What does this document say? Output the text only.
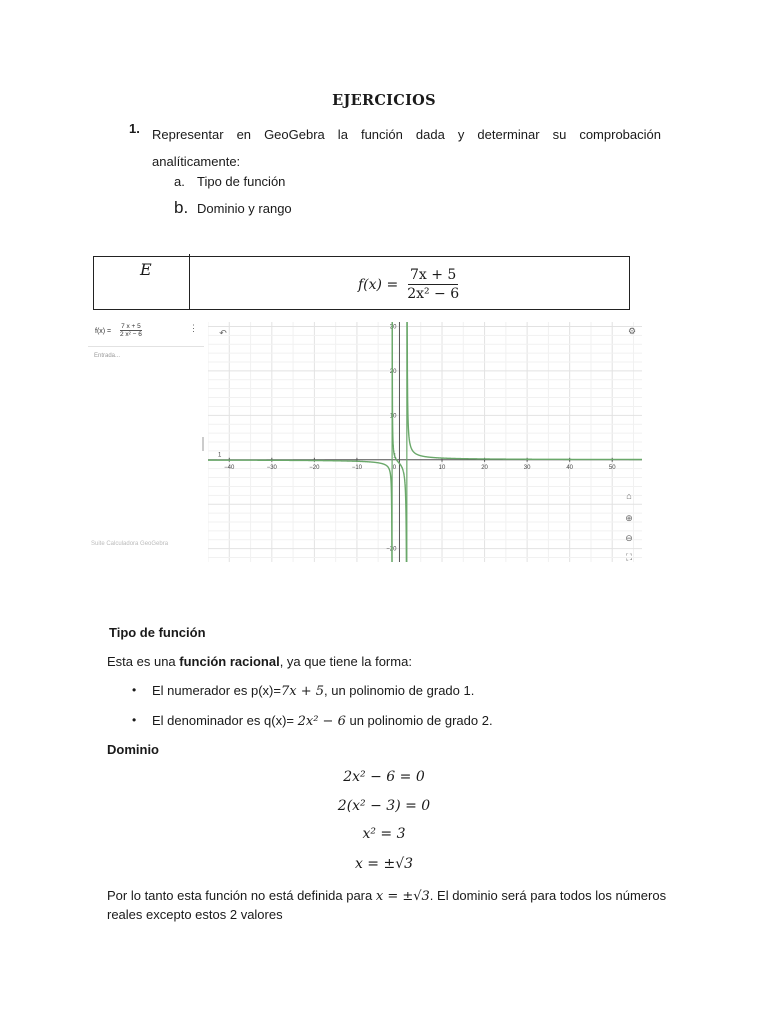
EJERCICIOS
1. Representar en GeoGebra la función dada y determinar su comprobación analíticamente:
a. Tipo de función
b. Dominio y rango
E
$f(x) = \frac{7x + 5}{\text{2x² − 6}}$
$f(x) = \frac{7 x + 5}{\text{2 x² − 6}}$	⋮
Entrada...
Suite Calculadora GeoGebra
−40	−30	−20	−10	0	10	20	30	40	50
30
20
10
1
−20
1
↶	⚙
⌂
⊕
⊖
⛶
Tipo de función
Esta es una función racional, ya que tiene la forma:
• El numerador es p(x)=7x + 5, un polinomio de grado 1.
• El denominador es q(x)= 2x² − 6 un polinomio de grado 2.
Dominio
2x² − 6 = 0
2(x² − 3) = 0
x² = 3
x = ±√3
Por lo tanto esta función no está definida para x = ±√3. El dominio será para todos los números reales excepto estos 2 valores
